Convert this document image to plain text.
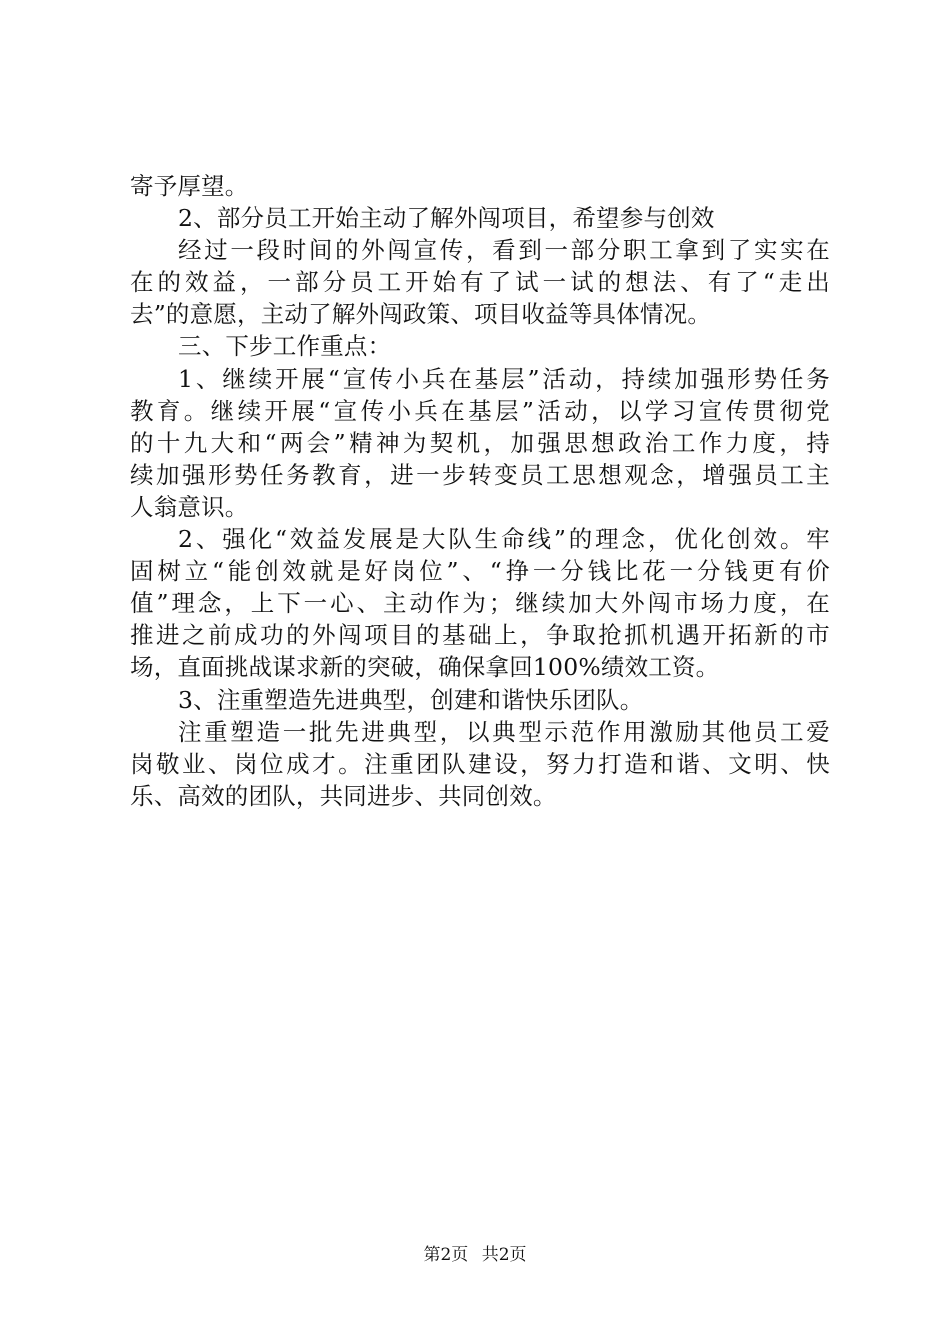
寄予厚望。
2、部分员工开始主动了解外闯项目，希望参与创效
经过一段时间的外闯宣传，看到一部分职工拿到了实实在
在的效益，一部分员工开始有了试一试的想法、有了“走出
去”的意愿，主动了解外闯政策、项目收益等具体情况。
三、下步工作重点：
1、继续开展“宣传小兵在基层”活动，持续加强形势任务
教育。继续开展“宣传小兵在基层”活动，以学习宣传贯彻党
的十九大和“两会”精神为契机，加强思想政治工作力度，持
续加强形势任务教育，进一步转变员工思想观念，增强员工主
人翁意识。
2、强化“效益发展是大队生命线”的理念，优化创效。牢
固树立“能创效就是好岗位”、“挣一分钱比花一分钱更有价
值”理念，上下一心、主动作为；继续加大外闯市场力度，在
推进之前成功的外闯项目的基础上，争取抢抓机遇开拓新的市
场，直面挑战谋求新的突破，确保拿回100%绩效工资。
3、注重塑造先进典型，创建和谐快乐团队。
注重塑造一批先进典型，以典型示范作用激励其他员工爱
岗敬业、岗位成才。注重团队建设，努力打造和谐、文明、快
乐、高效的团队，共同进步、共同创效。
第2页 共2页
